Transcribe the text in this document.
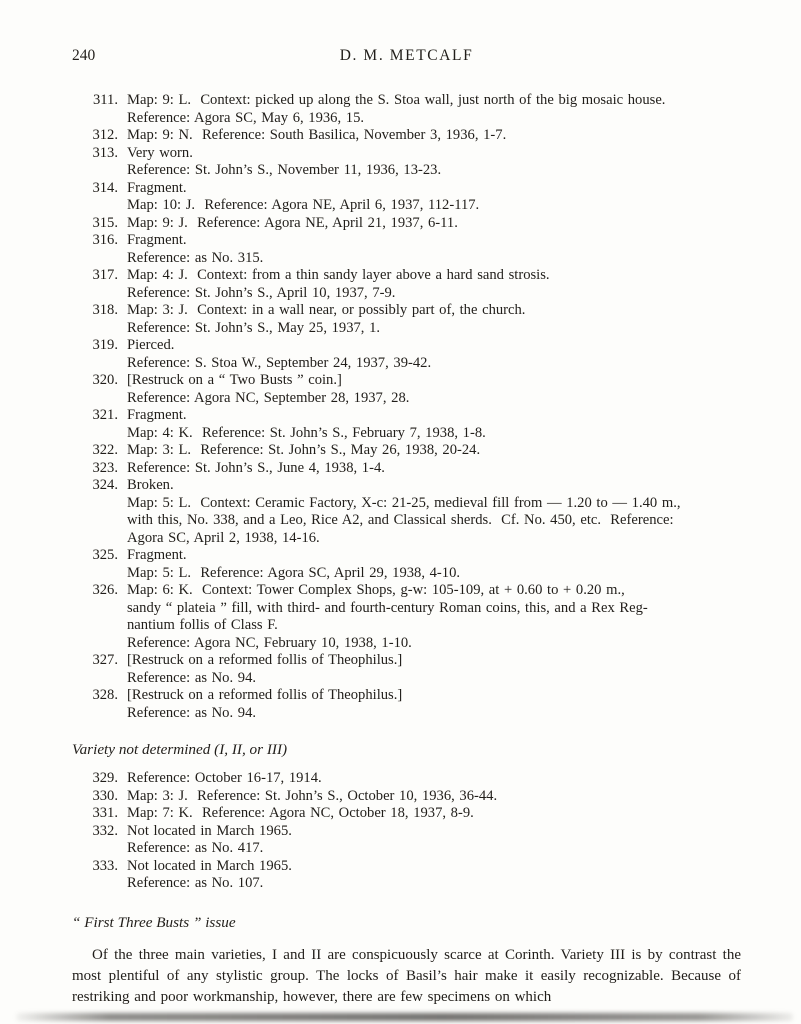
240	D. M. METCALF
311. Map: 9: L.  Context: picked up along the S. Stoa wall, just north of the big mosaic house.
Reference: Agora SC, May 6, 1936, 15.
312. Map: 9: N.  Reference: South Basilica, November 3, 1936, 1-7.
313. Very worn.
Reference: St. John’s S., November 11, 1936, 13-23.
314. Fragment.
Map: 10: J.  Reference: Agora NE, April 6, 1937, 112-117.
315. Map: 9: J.  Reference: Agora NE, April 21, 1937, 6-11.
316. Fragment.
Reference: as No. 315.
317. Map: 4: J.  Context: from a thin sandy layer above a hard sand strosis.
Reference: St. John’s S., April 10, 1937, 7-9.
318. Map: 3: J.  Context: in a wall near, or possibly part of, the church.
Reference: St. John’s S., May 25, 1937, 1.
319. Pierced.
Reference: S. Stoa W., September 24, 1937, 39-42.
320. [Restruck on a “ Two Busts ” coin.]
Reference: Agora NC, September 28, 1937, 28.
321. Fragment.
Map: 4: K.  Reference: St. John’s S., February 7, 1938, 1-8.
322. Map: 3: L.  Reference: St. John’s S., May 26, 1938, 20-24.
323. Reference: St. John’s S., June 4, 1938, 1-4.
324. Broken.
Map: 5: L.  Context: Ceramic Factory, X-c: 21-25, medieval fill from — 1.20 to — 1.40 m.,
with this, No. 338, and a Leo, Rice A2, and Classical sherds.  Cf. No. 450, etc.  Reference:
Agora SC, April 2, 1938, 14-16.
325. Fragment.
Map: 5: L.  Reference: Agora SC, April 29, 1938, 4-10.
326. Map: 6: K.  Context: Tower Complex Shops, g-w: 105-109, at + 0.60 to + 0.20 m.,
sandy “ plateia ” fill, with third- and fourth-century Roman coins, this, and a Rex Reg-
nantium follis of Class F.
Reference: Agora NC, February 10, 1938, 1-10.
327. [Restruck on a reformed follis of Theophilus.]
Reference: as No. 94.
328. [Restruck on a reformed follis of Theophilus.]
Reference: as No. 94.
Variety not determined (I, II, or III)
329. Reference: October 16-17, 1914.
330. Map: 3: J.  Reference: St. John’s S., October 10, 1936, 36-44.
331. Map: 7: K.  Reference: Agora NC, October 18, 1937, 8-9.
332. Not located in March 1965.
Reference: as No. 417.
333. Not located in March 1965.
Reference: as No. 107.
“ First Three Busts ” issue

Of the three main varieties, I and II are conspicuously scarce at Corinth. Variety III is by contrast the most plentiful of any stylistic group. The locks of Basil’s hair make it easily recognizable. Because of restriking and poor workmanship, however, there are few specimens on which
